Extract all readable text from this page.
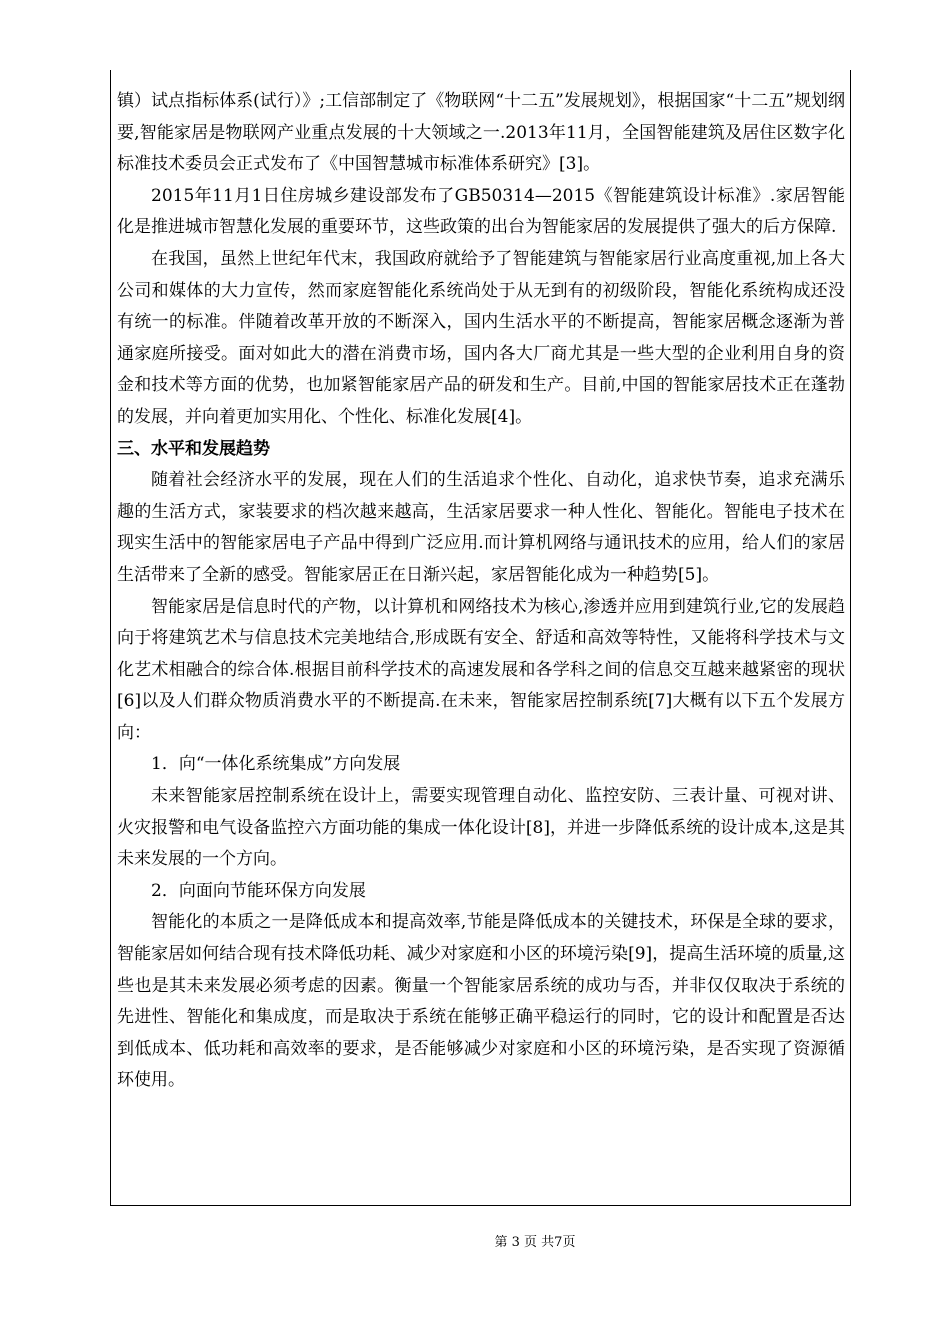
镇）试点指标体系(试行）》;工信部制定了《物联网“十二五”发展规划》，根据国家“十二五”规划纲要,智能家居是物联网产业重点发展的十大领域之一.2013年11月，全国智能建筑及居住区数字化标准技术委员会正式发布了《中国智慧城市标准体系研究》[3]。

2015年11月1日住房城乡建设部发布了GB50314—2015《智能建筑设计标准》.家居智能化是推进城市智慧化发展的重要环节，这些政策的出台为智能家居的发展提供了强大的后方保障.

在我国，虽然上世纪年代末，我国政府就给予了智能建筑与智能家居行业高度重视,加上各大公司和媒体的大力宣传，然而家庭智能化系统尚处于从无到有的初级阶段，智能化系统构成还没有统一的标准。伴随着改革开放的不断深入，国内生活水平的不断提高，智能家居概念逐渐为普通家庭所接受。面对如此大的潜在消费市场，国内各大厂商尤其是一些大型的企业利用自身的资金和技术等方面的优势，也加紧智能家居产品的研发和生产。目前,中国的智能家居技术正在蓬勃的发展，并向着更加实用化、个性化、标准化发展[4]。

三、水平和发展趋势

随着社会经济水平的发展，现在人们的生活追求个性化、自动化，追求快节奏，追求充满乐趣的生活方式，家装要求的档次越来越高，生活家居要求一种人性化、智能化。智能电子技术在现实生活中的智能家居电子产品中得到广泛应用.而计算机网络与通讯技术的应用，给人们的家居生活带来了全新的感受。智能家居正在日渐兴起，家居智能化成为一种趋势[5]。

智能家居是信息时代的产物，以计算机和网络技术为核心,渗透并应用到建筑行业,它的发展趋向于将建筑艺术与信息技术完美地结合,形成既有安全、舒适和高效等特性，又能将科学技术与文化艺术相融合的综合体.根据目前科学技术的高速发展和各学科之间的信息交互越来越紧密的现状[6]以及人们群众物质消费水平的不断提高.在未来，智能家居控制系统[7]大概有以下五个发展方向：

1．向“一体化系统集成”方向发展

未来智能家居控制系统在设计上，需要实现管理自动化、监控安防、三表计量、可视对讲、火灾报警和电气设备监控六方面功能的集成一体化设计[8]，并进一步降低系统的设计成本,这是其未来发展的一个方向。

2．向面向节能环保方向发展

智能化的本质之一是降低成本和提高效率,节能是降低成本的关键技术，环保是全球的要求，智能家居如何结合现有技术降低功耗、减少对家庭和小区的环境污染[9]，提高生活环境的质量,这些也是其未来发展必须考虑的因素。衡量一个智能家居系统的成功与否，并非仅仅取决于系统的先进性、智能化和集成度，而是取决于系统在能够正确平稳运行的同时，它的设计和配置是否达到低成本、低功耗和高效率的要求，是否能够减少对家庭和小区的环境污染，是否实现了资源循环使用。

第 3 页 共7页
